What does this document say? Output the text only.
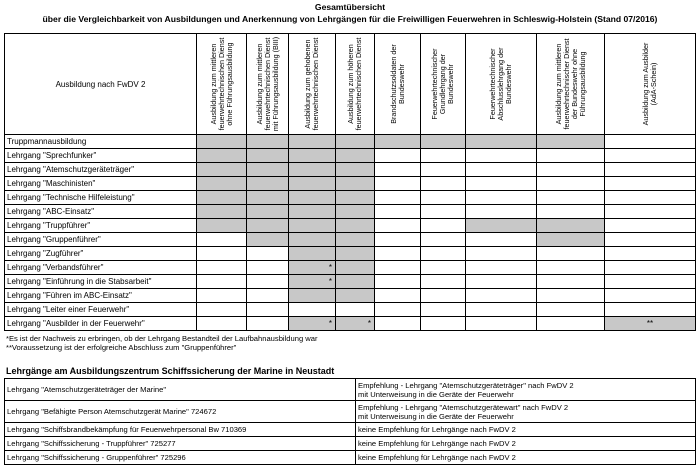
Gesamtübersicht
über die Vergleichbarkeit von Ausbildungen und Anerkennung von Lehrgängen für die Freiwilligen Feuerwehren in Schleswig-Holstein (Stand 07/2016)
Ausbildung nach FwDV 2	Ausbildung zum mittleren feuerwehrtechnischen Dienst ohne Führungsausbildung	Ausbildung zum mittleren feuerwehrtechnischen Dienst mit Führungsausbildung (BIII)	Ausbildung zum gehobenen feuerwehrtechnischen Dienst	Ausbildung zum höheren feuerwehrtechnischen Dienst	Brandschutzsoldaten der Bundeswehr	Feuerwehrtechnischer Grundlehrgang der Bundeswehr	Feuerwehrtechnischer Abschlusslehrgang der Bundeswehr	Ausbildung zum mittleren feuerwehrtechnischer Dienst der Bundeswehr ohne Führungsausbildung	Ausbildung zum Ausbilder (AdA-Schein)

Truppmannausbildung									
Lehrgang "Sprechfunker"									
Lehrgang "Atemschutzgeräteträger"									
Lehrgang "Maschinisten"									
Lehrgang "Technische Hilfeleistung"									
Lehrgang "ABC-Einsatz"									
Lehrgang "Truppführer"									
Lehrgang "Gruppenführer"									
Lehrgang "Zugführer"									
Lehrgang "Verbandsführer"			*						
Lehrgang "Einführung in die Stabsarbeit"			*						
Lehrgang "Führen im ABC-Einsatz"									
Lehrgang "Leiter einer Feuerwehr"									
Lehrgang "Ausbilder in der Feuerwehr"			*	*					**
*Es ist der Nachweis zu erbringen, ob der Lehrgang Bestandteil der Laufbahnausbildung war
**Voraussetzung ist der erfolgreiche Abschluss zum "Gruppenführer"
Lehrgänge am Ausbildungszentrum Schiffssicherung der Marine in Neustadt
Lehrgang "Atemschutzgeräteträger der Marine"	Empfehlung - Lehrgang "Atemschutzgeräteträger" nach FwDV 2
mit Unterweisung in die Geräte der Feuerwehr

Lehrgang "Befähigte Person Atemschutzgerät Marine" 724672	Empfehlung - Lehrgang "Atemschutzgerätewart" nach FwDV 2
mit Unterweisung in die Geräte der Feuerwehr

Lehrgang "Schiffsbrandbekämpfung für Feuerwehrpersonal Bw 710369	keine Empfehlung für Lehrgänge nach FwDV 2

Lehrgang "Schiffssicherung - Truppführer" 725277	keine Empfehlung für Lehrgänge nach FwDV 2

Lehrgang "Schiffssicherung - Gruppenführer" 725296	keine Empfehlung für Lehrgänge nach FwDV 2
